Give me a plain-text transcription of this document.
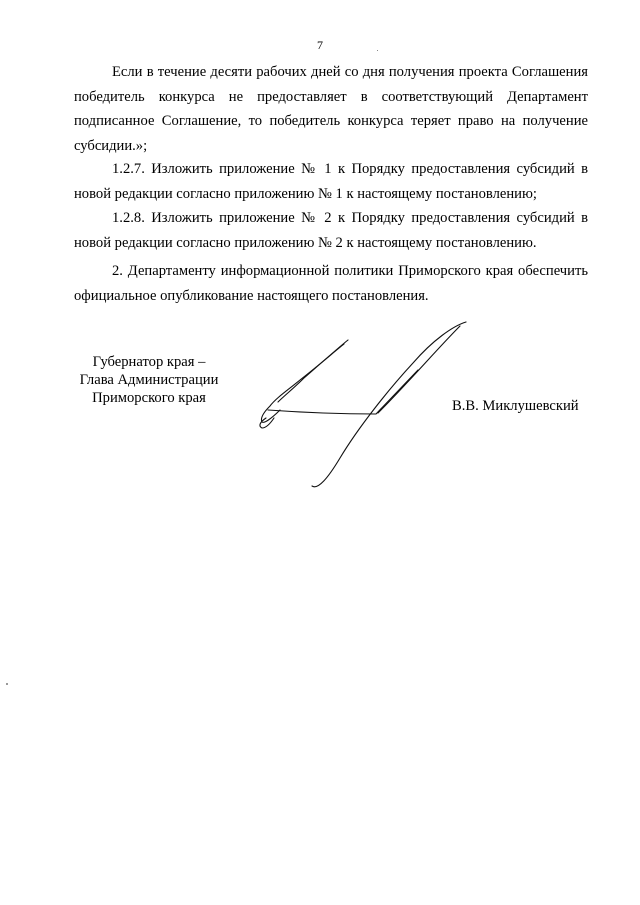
7
Если в течение десяти рабочих дней со дня получения проекта Соглашения победитель конкурса не предоставляет в соответствующий Департамент подписанное Соглашение, то победитель конкурса теряет право на получение субсидии.»;
1.2.7. Изложить приложение № 1 к Порядку предоставления субсидий в новой редакции согласно приложению № 1 к настоящему постановлению;
1.2.8. Изложить приложение № 2 к Порядку предоставления субсидий в новой редакции согласно приложению № 2 к настоящему постановлению.
2. Департаменту информационной политики Приморского края обеспечить официальное опубликование настоящего постановления.
Губернатор края –
Глава Администрации
Приморского края	В.В. Миклушевский
